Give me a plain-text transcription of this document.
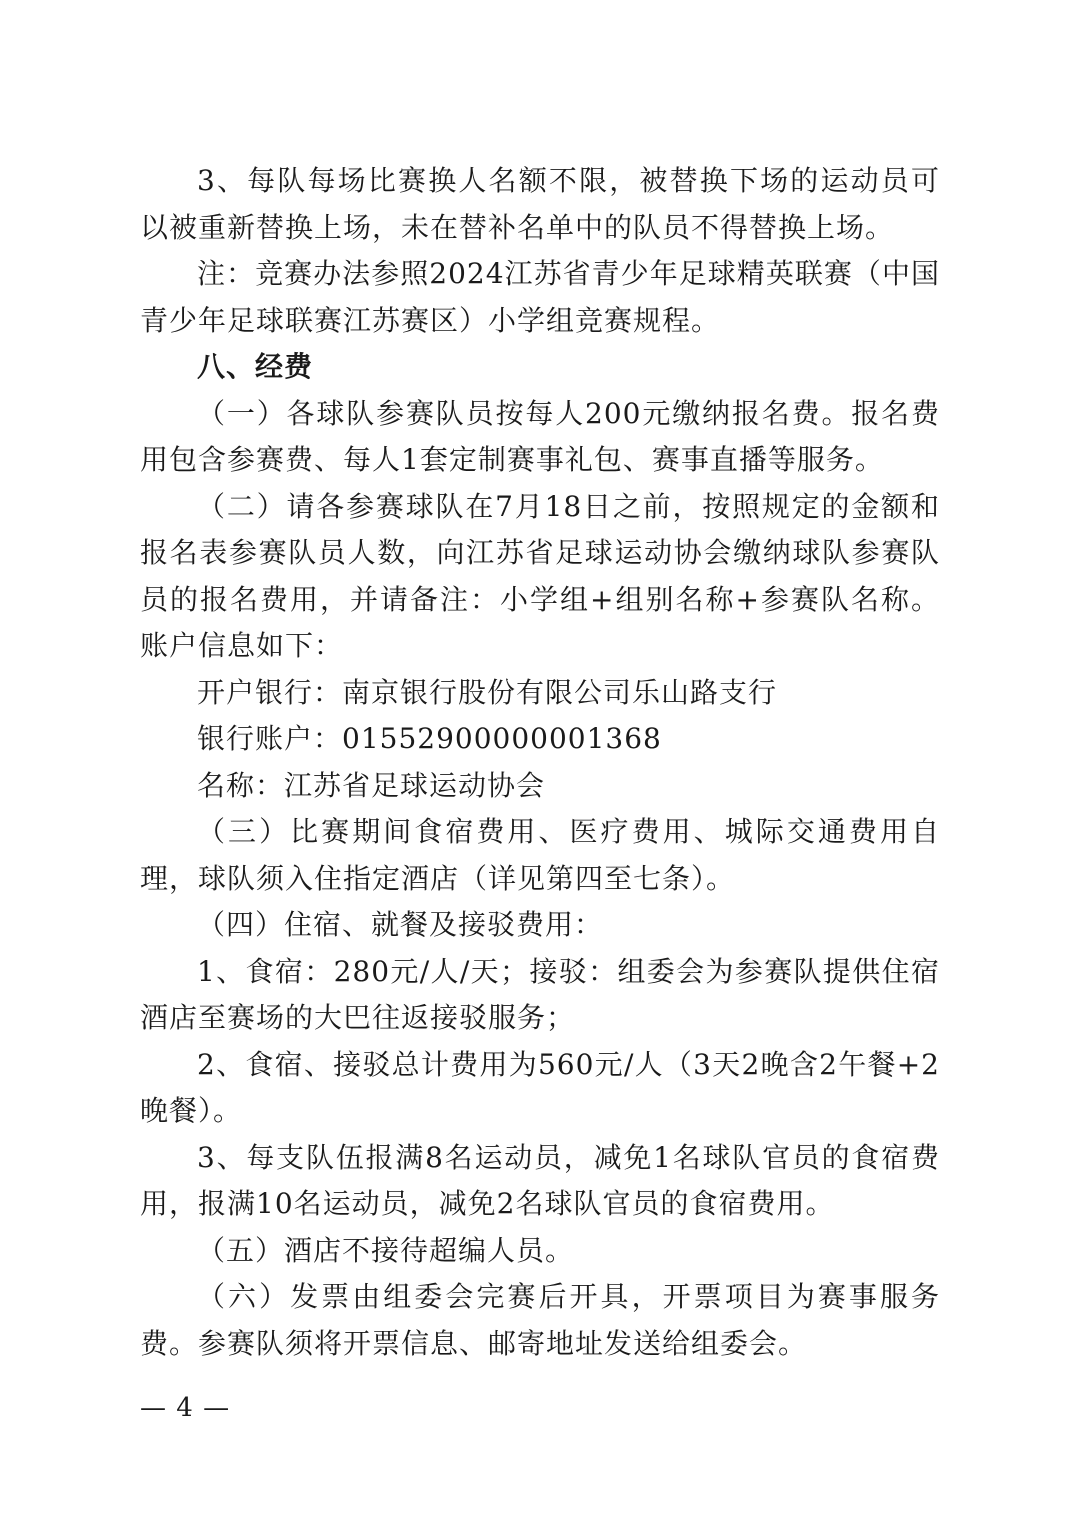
3、每队每场比赛换人名额不限，被替换下场的运动员可以被重新替换上场，未在替补名单中的队员不得替换上场。

注：竞赛办法参照2024江苏省青少年足球精英联赛（中国青少年足球联赛江苏赛区）小学组竞赛规程。

八、经费

（一）各球队参赛队员按每人200元缴纳报名费。报名费用包含参赛费、每人1套定制赛事礼包、赛事直播等服务。

（二）请各参赛球队在7月18日之前，按照规定的金额和报名表参赛队员人数，向江苏省足球运动协会缴纳球队参赛队员的报名费用，并请备注：小学组+组别名称+参赛队名称。账户信息如下：

开户银行：南京银行股份有限公司乐山路支行

银行账户：01552900000001368

名称：江苏省足球运动协会

（三）比赛期间食宿费用、医疗费用、城际交通费用自理，球队须入住指定酒店（详见第四至七条）。

（四）住宿、就餐及接驳费用：

1、食宿：280元/人/天；接驳：组委会为参赛队提供住宿酒店至赛场的大巴往返接驳服务；

2、食宿、接驳总计费用为560元/人（3天2晚含2午餐+2晚餐）。

3、每支队伍报满8名运动员，减免1名球队官员的食宿费用，报满10名运动员，减免2名球队官员的食宿费用。

（五）酒店不接待超编人员。

（六）发票由组委会完赛后开具，开票项目为赛事服务费。参赛队须将开票信息、邮寄地址发送给组委会。

— 4 —
